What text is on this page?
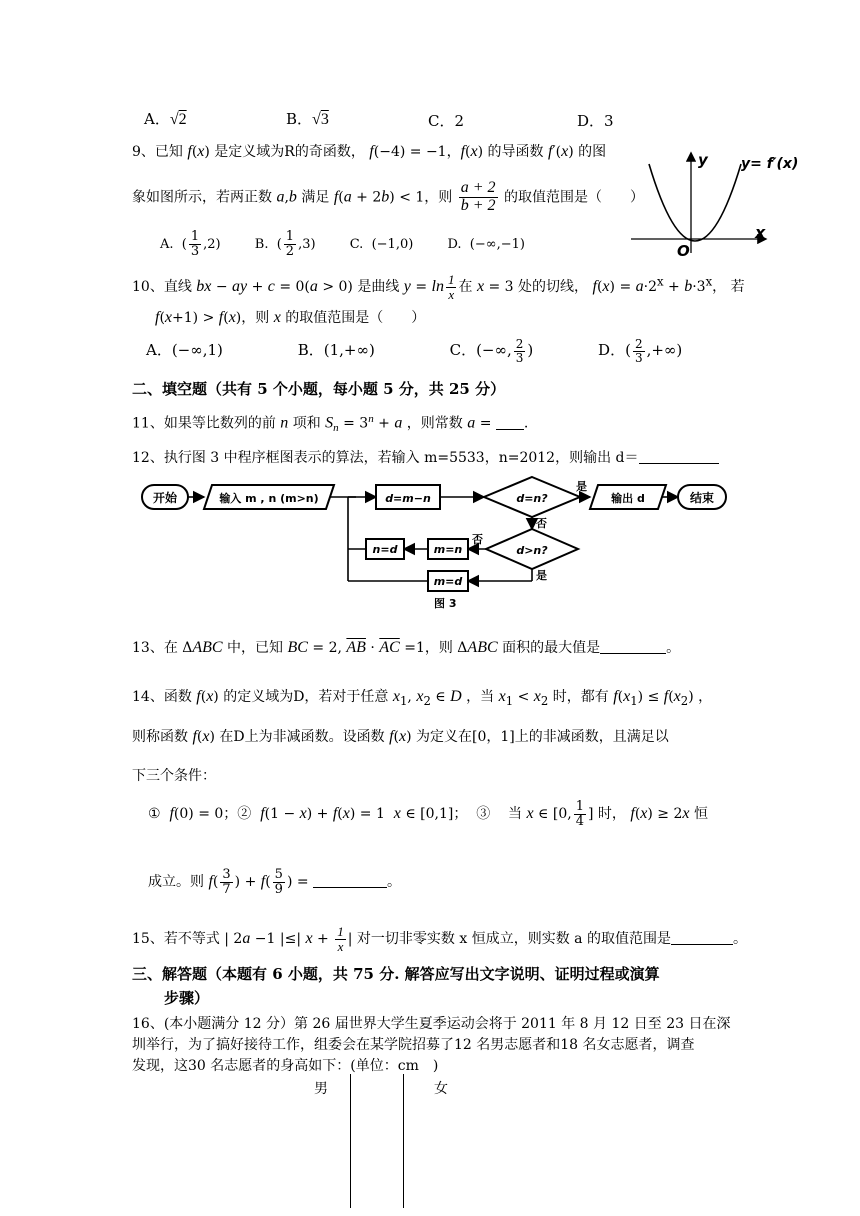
A．√2	B．√3	C．2	D．3
9、已知 f(x) 是定义域为R的奇函数， f(−4) = −1，f(x) 的导函数 f′(x) 的图
象如图所示，若两正数 a,b 满足 f(a + 2b) < 1，则 $\frac{a + 2}{b + 2}$ 的取值范围是（　　）
A.  ( $\frac{1}{3} ,2$)	B.  ( $\frac{1}{2} ,3$)	C.  (−1,0)	D.  (−∞,−1)
y y= f′(x)
x
O
10、直线 bx − ay + c = 0(a > 0) 是曲线 $y = \ln \frac{1}{x}$ 在 x = 3 处的切线， $f(x) = a\cdot 2^x + b\cdot 3^x$， 若
f(x+1) > f(x)，则 x 的取值范围是（　　）
A．(−∞,1)	B．(1,+∞)	C．(−∞, $\frac{2}{3}$ )	D．( $\frac{2}{3}$ ,+∞)
二、填空题（共有 5 个小题，每小题 5 分，共 25 分）
11、如果等比数列的前 n 项和 $S_n = 3^n + a$ ，则常数 a = .
12、执行图 3 中程序框图表示的算法，若输入 m=5533，n=2012，则输出 d＝
开始	输入 m , n (m>n)	d=m−n	d=n?
是
输出 d	结束
否
d>n?
否
m=n
n=d
是
m=d
图 3
13、在 ΔABC 中，已知 BC = 2, $\overline{AB} \cdot \overline{AC} =1$，则 ΔABC 面积的最大值是	。
14、函数 f(x) 的定义域为D，若对于任意 $x_1$, $x_2$ ∈ D ，当 $x_1 < x_2$ 时，都有 $f(x_1) \le f(x_2)$ ，
则称函数 f(x) 在D上为非减函数。设函数 f(x) 为定义在[0，1]上的非减函数，且满足以
下三个条件：
①  f(0) = 0；②  f(1 − x) + f(x) = 1  x ∈ [0,1]；  ③    当 x ∈ [0, $\frac{1}{4}$ ] 时， f(x) ≥ 2x 恒
成立。则 $f( \frac{3}{7}$ ) + $f( \frac{5}{9}$ ) =	。
15、若不等式 | 2a −1 |≤| $x + \frac{1}{x}$ | 对一切非零实数 x 恒成立，则实数 a 的取值范围是	。
三、解答题（本题有 6 小题，共 75 分. 解答应写出文字说明、证明过程或演算
步骤）
16、(本小题满分 12 分）第 26 届世界大学生夏季运动会将于 2011 年 8 月 12 日至 23 日在深
圳举行，为了搞好接待工作，组委会在某学院招募了12 名男志愿者和18 名女志愿者，调查
发现，这30 名志愿者的身高如下：(单位：cm　)
男	女
